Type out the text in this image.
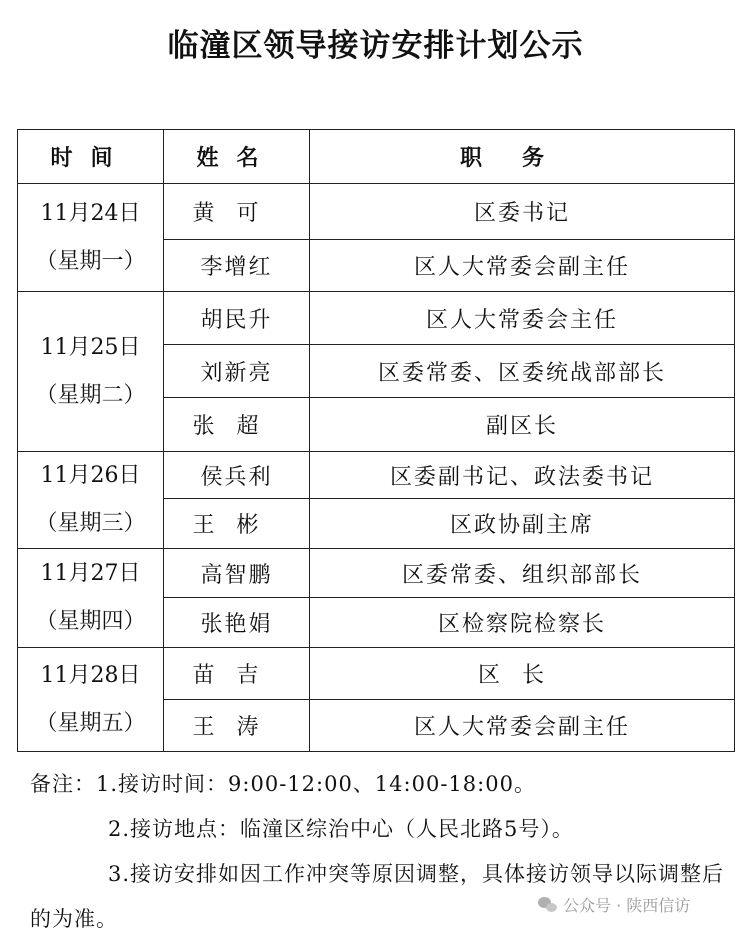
临潼区领导接访安排计划公示
时间	姓名	职务

11月24日
（星期一）	黄可	区委书记
	李增红	区人大常委会副主任

11月25日
（星期二）	胡民升	区人大常委会主任
	刘新亮	区委常委、区委统战部部长
	张超	副区长

11月26日
（星期三）	侯兵利	区委副书记、政法委书记
	王彬	区政协副主席

11月27日
（星期四）	高智鹏	区委常委、组织部部长
	张艳娟	区检察院检察长

11月28日
（星期五）	苗吉	区长
	王涛	区人大常委会副主任
备注：1.接访时间：9:00-12:00、14:00-18:00。
2.接访地点：临潼区综治中心（人民北路5号）。
3.接访安排如因工作冲突等原因调整，具体接访领导以际调整后的为准。
公众号 · 陕西信访
